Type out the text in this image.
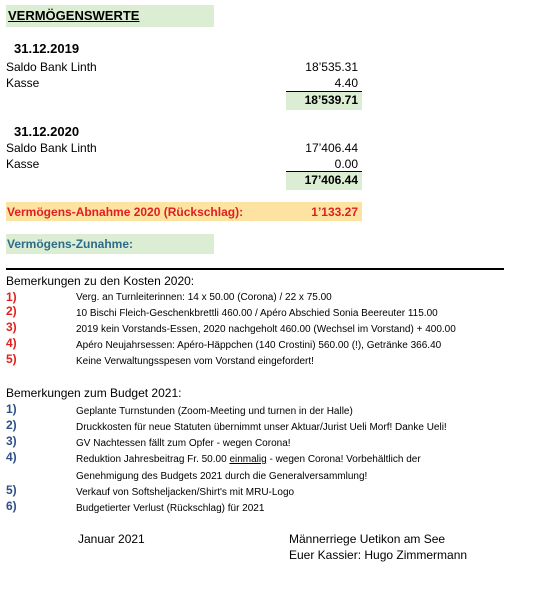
VERMÖGENSWERTE
31.12.2019
Saldo Bank Linth	18’535.31
Kasse	4.40
18’539.71
31.12.2020
Saldo Bank Linth	17’406.44
Kasse	0.00
17’406.44
Vermögens-Abnahme 2020 (Rückschlag):	1’133.27
Vermögens-Zunahme:
Bemerkungen zu den Kosten 2020:
1)	Verg. an Turnleiterinnen: 14 x 50.00 (Corona) / 22 x 75.00
2)	10 Bischi Fleich-Geschenkbrettli 460.00 / Apéro Abschied Sonia Beereuter 115.00
3)	2019 kein Vorstands-Essen, 2020 nachgeholt 460.00 (Wechsel im Vorstand) + 400.00
4)	Apéro Neujahrsessen: Apéro-Häppchen (140 Crostini) 560.00 (!), Getränke 366.40
5)	Keine Verwaltungsspesen vom Vorstand eingefordert!
Bemerkungen zum Budget 2021:
1)	Geplante Turnstunden (Zoom-Meeting und turnen in der Halle)
2)	Druckkosten für neue Statuten übernimmt unser Aktuar/Jurist Ueli Morf! Danke Ueli!
3)	GV Nachtessen fällt zum Opfer - wegen Corona!
4)	Reduktion Jahresbeitrag Fr. 50.00 einmalig - wegen Corona! Vorbehältlich der
Genehmigung des Budgets 2021 durch die Generalversammlung!
5)	Verkauf von Softsheljacken/Shirt's mit MRU-Logo
6)	Budgetierter Verlust (Rückschlag) für 2021
Januar 2021	Männerriege Uetikon am See
Euer Kassier: Hugo Zimmermann
